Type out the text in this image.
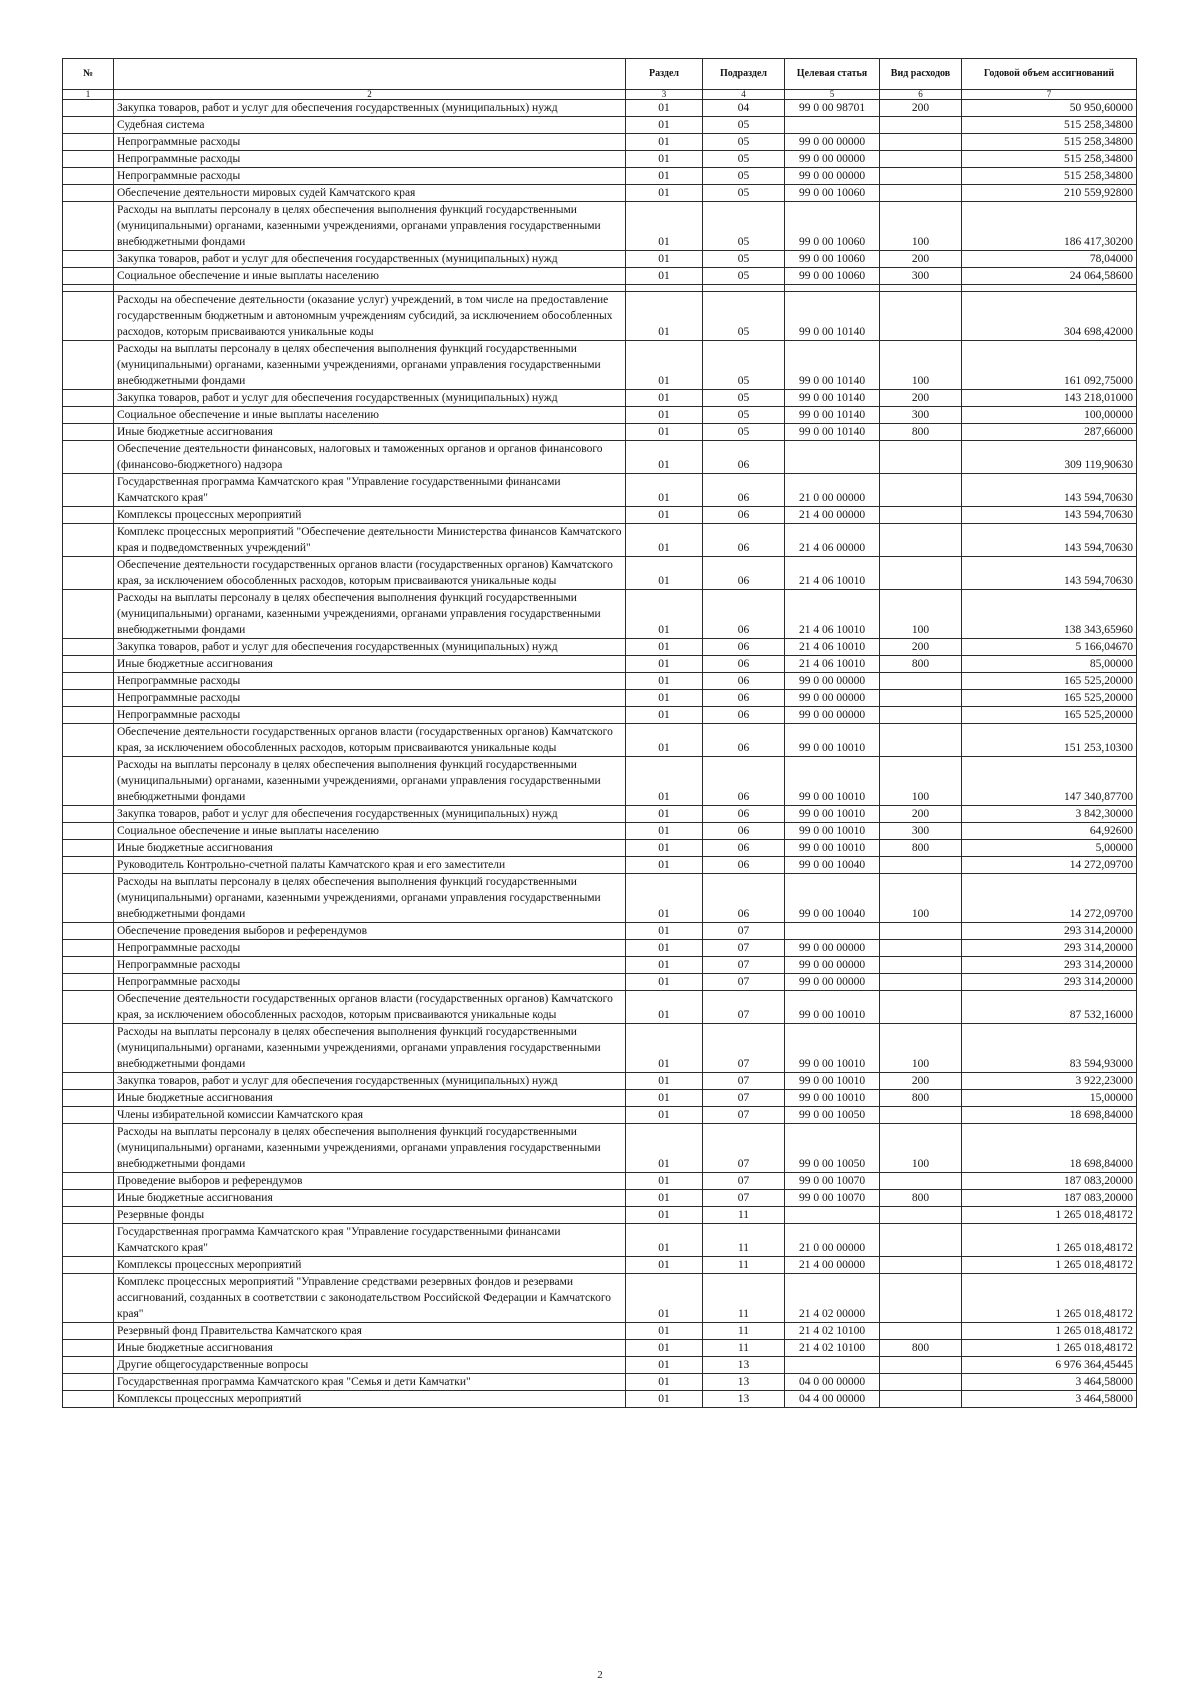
№		Раздел	Подраздел	Целевая статья	Вид расходов	Годовой объем ассигнований
1	2	3	4	5	6	7
	Закупка товаров, работ и услуг для обеспечения государственных (муниципальных) нужд	01	04	99 0 00 98701	200	50 950,60000
	Судебная система	01	05			515 258,34800
	Непрограммные расходы	01	05	99 0 00 00000		515 258,34800
	Непрограммные расходы	01	05	99 0 00 00000		515 258,34800
	Непрограммные расходы	01	05	99 0 00 00000		515 258,34800
	Обеспечение деятельности мировых судей Камчатского края	01	05	99 0 00 10060		210 559,92800
	Расходы на выплаты персоналу в целях обеспечения выполнения функций государственными (муниципальными) органами, казенными учреждениями, органами управления государственными внебюджетными фондами	01	05	99 0 00 10060	100	186 417,30200
	Закупка товаров, работ и услуг для обеспечения государственных (муниципальных) нужд	01	05	99 0 00 10060	200	78,04000
	Социальное обеспечение и иные выплаты населению	01	05	99 0 00 10060	300	24 064,58600

	Расходы на обеспечение деятельности (оказание услуг) учреждений, в том числе на предоставление государственным бюджетным и автономным учреждениям субсидий, за исключением обособленных расходов, которым присваиваются уникальные коды	01	05	99 0 00 10140		304 698,42000
	Расходы на выплаты персоналу в целях обеспечения выполнения функций государственными (муниципальными) органами, казенными учреждениями, органами управления государственными внебюджетными фондами	01	05	99 0 00 10140	100	161 092,75000
	Закупка товаров, работ и услуг для обеспечения государственных (муниципальных) нужд	01	05	99 0 00 10140	200	143 218,01000
	Социальное обеспечение и иные выплаты населению	01	05	99 0 00 10140	300	100,00000
	Иные бюджетные ассигнования	01	05	99 0 00 10140	800	287,66000
	Обеспечение деятельности финансовых, налоговых и таможенных органов и органов финансового (финансово-бюджетного) надзора	01	06			309 119,90630
	Государственная программа Камчатского края "Управление государственными финансами Камчатского края"	01	06	21 0 00 00000		143 594,70630
	Комплексы процессных мероприятий	01	06	21 4 00 00000		143 594,70630
	Комплекс процессных мероприятий "Обеспечение деятельности Министерства финансов Камчатского края и подведомственных учреждений"	01	06	21 4 06 00000		143 594,70630
	Обеспечение деятельности государственных органов власти (государственных органов) Камчатского края, за исключением обособленных расходов, которым присваиваются уникальные коды	01	06	21 4 06 10010		143 594,70630
	Расходы на выплаты персоналу в целях обеспечения выполнения функций государственными (муниципальными) органами, казенными учреждениями, органами управления государственными внебюджетными фондами	01	06	21 4 06 10010	100	138 343,65960
	Закупка товаров, работ и услуг для обеспечения государственных (муниципальных) нужд	01	06	21 4 06 10010	200	5 166,04670
	Иные бюджетные ассигнования	01	06	21 4 06 10010	800	85,00000
	Непрограммные расходы	01	06	99 0 00 00000		165 525,20000
	Непрограммные расходы	01	06	99 0 00 00000		165 525,20000
	Непрограммные расходы	01	06	99 0 00 00000		165 525,20000
	Обеспечение деятельности государственных органов власти (государственных органов) Камчатского края, за исключением обособленных расходов, которым присваиваются уникальные коды	01	06	99 0 00 10010		151 253,10300
	Расходы на выплаты персоналу в целях обеспечения выполнения функций государственными (муниципальными) органами, казенными учреждениями, органами управления государственными внебюджетными фондами	01	06	99 0 00 10010	100	147 340,87700
	Закупка товаров, работ и услуг для обеспечения государственных (муниципальных) нужд	01	06	99 0 00 10010	200	3 842,30000
	Социальное обеспечение и иные выплаты населению	01	06	99 0 00 10010	300	64,92600
	Иные бюджетные ассигнования	01	06	99 0 00 10010	800	5,00000
	Руководитель Контрольно-счетной палаты Камчатского края и его заместители	01	06	99 0 00 10040		14 272,09700
	Расходы на выплаты персоналу в целях обеспечения выполнения функций государственными (муниципальными) органами, казенными учреждениями, органами управления государственными внебюджетными фондами	01	06	99 0 00 10040	100	14 272,09700
	Обеспечение проведения выборов и референдумов	01	07			293 314,20000
	Непрограммные расходы	01	07	99 0 00 00000		293 314,20000
	Непрограммные расходы	01	07	99 0 00 00000		293 314,20000
	Непрограммные расходы	01	07	99 0 00 00000		293 314,20000
	Обеспечение деятельности государственных органов власти (государственных органов) Камчатского края, за исключением обособленных расходов, которым присваиваются уникальные коды	01	07	99 0 00 10010		87 532,16000
	Расходы на выплаты персоналу в целях обеспечения выполнения функций государственными (муниципальными) органами, казенными учреждениями, органами управления государственными внебюджетными фондами	01	07	99 0 00 10010	100	83 594,93000
	Закупка товаров, работ и услуг для обеспечения государственных (муниципальных) нужд	01	07	99 0 00 10010	200	3 922,23000
	Иные бюджетные ассигнования	01	07	99 0 00 10010	800	15,00000
	Члены избирательной комиссии Камчатского края	01	07	99 0 00 10050		18 698,84000
	Расходы на выплаты персоналу в целях обеспечения выполнения функций государственными (муниципальными) органами, казенными учреждениями, органами управления государственными внебюджетными фондами	01	07	99 0 00 10050	100	18 698,84000
	Проведение выборов и референдумов	01	07	99 0 00 10070		187 083,20000
	Иные бюджетные ассигнования	01	07	99 0 00 10070	800	187 083,20000
	Резервные фонды	01	11			1 265 018,48172
	Государственная программа Камчатского края "Управление государственными финансами Камчатского края"	01	11	21 0 00 00000		1 265 018,48172
	Комплексы процессных мероприятий	01	11	21 4 00 00000		1 265 018,48172
	Комплекс процессных мероприятий "Управление средствами резервных фондов и резервами ассигнований, созданных в соответствии с законодательством Российской Федерации и Камчатского края"	01	11	21 4 02 00000		1 265 018,48172
	Резервный фонд Правительства Камчатского края	01	11	21 4 02 10100		1 265 018,48172
	Иные бюджетные ассигнования	01	11	21 4 02 10100	800	1 265 018,48172
	Другие общегосударственные вопросы	01	13			6 976 364,45445
	Государственная программа Камчатского края "Семья и дети Камчатки"	01	13	04 0 00 00000		3 464,58000
	Комплексы процессных мероприятий	01	13	04 4 00 00000		3 464,58000
2
